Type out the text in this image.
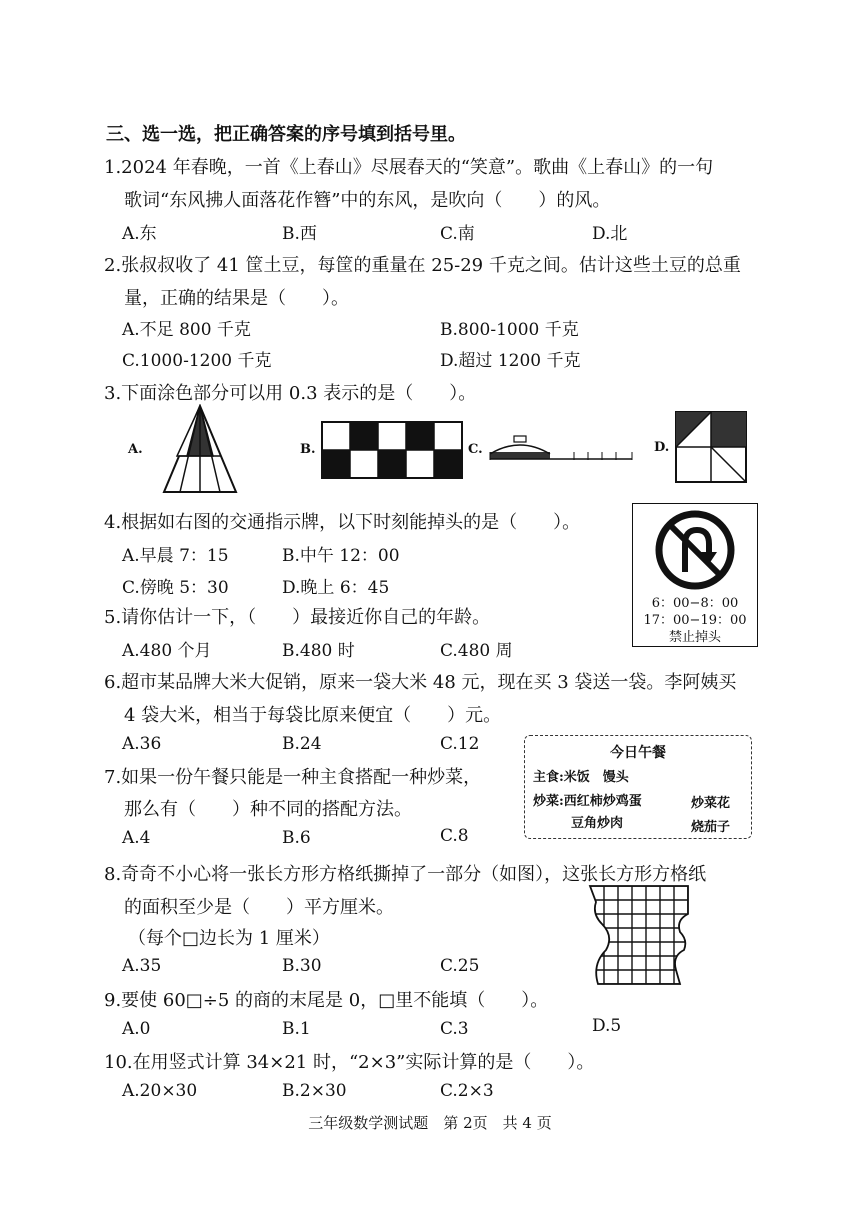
三、选一选，把正确答案的序号填到括号里。
1.2024 年春晚，一首《上春山》尽展春天的“笑意”。歌曲《上春山》的一句
歌词“东风拂人面落花作簪”中的东风，是吹向（　　）的风。
A.东	B.西	C.南	D.北
2.张叔叔收了 41 筐土豆，每筐的重量在 25-29 千克之间。估计这些土豆的总重
量，正确的结果是（　　）。
A.不足 800 千克	B.800-1000 千克
C.1000-1200 千克	D.超过 1200 千克
3.下面涂色部分可以用 0.3 表示的是（　　）。
A.	B.	C.	D.
4.根据如右图的交通指示牌，以下时刻能掉头的是（　　）。
A.早晨 7：15	B.中午 12：00
C.傍晚 5：30	D.晚上 6：45
6：00−8：00
17：00−19：00
禁止掉头
5.请你估计一下，（　　）最接近你自己的年龄。
A.480 个月	B.480 时	C.480 周
6.超市某品牌大米大促销，原来一袋大米 48 元，现在买 3 袋送一袋。李阿姨买
4 袋大米，相当于每袋比原来便宜（　　）元。
A.36	B.24	C.12	今日午餐
主食:米饭　馒头
炒菜:西红柿炒鸡蛋	炒菜花
豆角炒肉	烧茄子
7.如果一份午餐只能是一种主食搭配一种炒菜，
那么有（　　）种不同的搭配方法。
A.4	B.6	C.8
8.奇奇不小心将一张长方形方格纸撕掉了一部分（如图），这张长方形方格纸
的面积至少是（　　）平方厘米。
（每个□边长为 1 厘米）
A.35	B.30	C.25
9.要使 60□÷5 的商的末尾是 0，□里不能填（　　）。
A.0	B.1	C.3	D.5
10.在用竖式计算 34×21 时，“2×3”实际计算的是（　　）。
A.20×30	B.2×30	C.2×3
三年级数学测试题　第 2页　共 4 页
